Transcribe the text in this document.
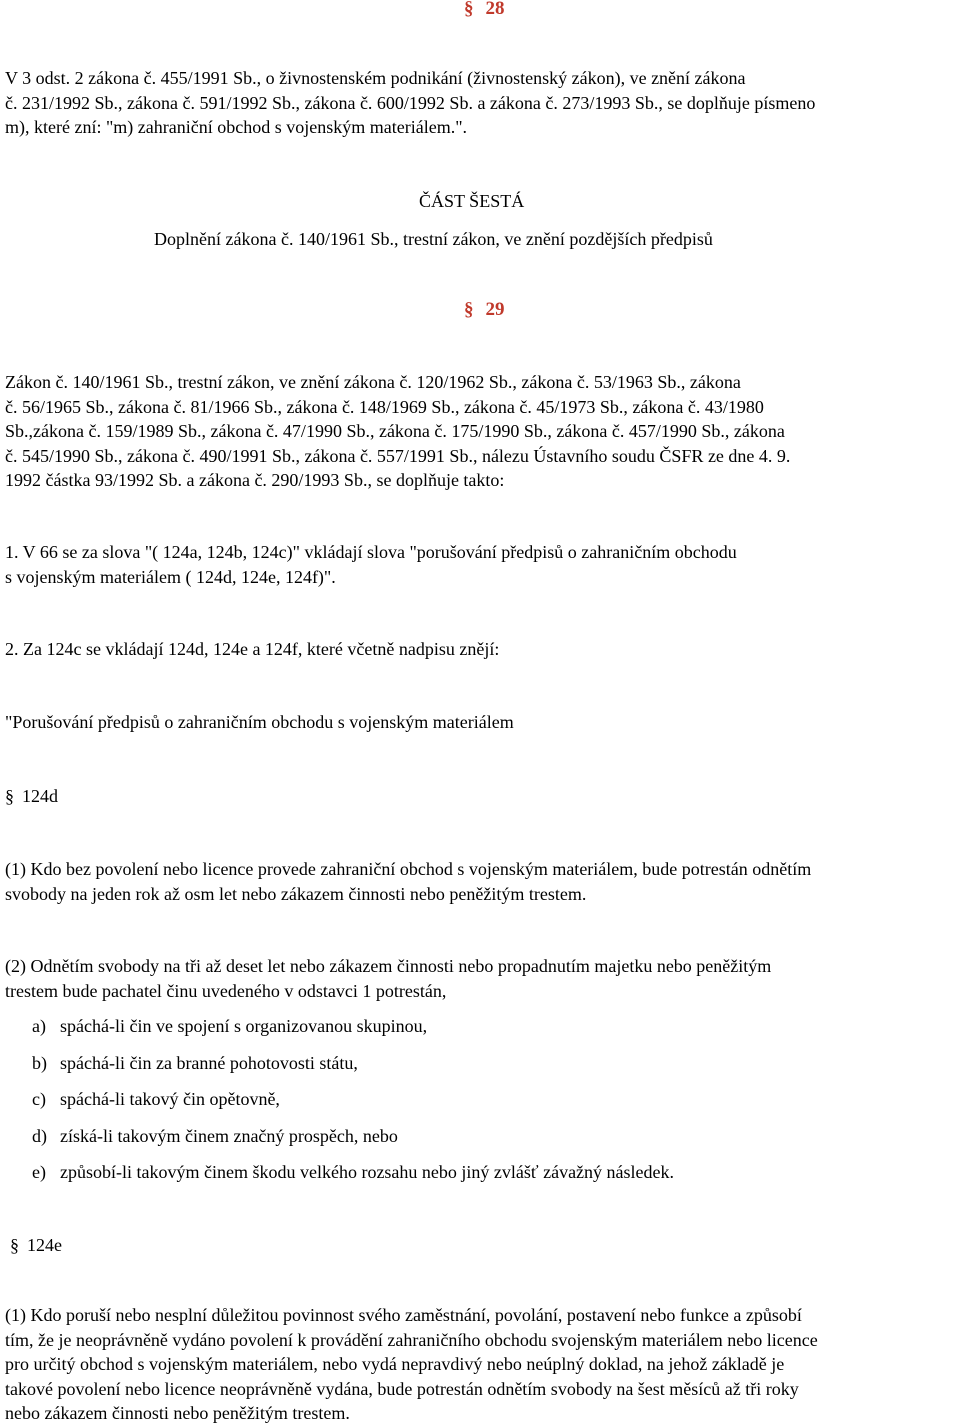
§ 28
V 3 odst. 2 zákona č. 455/1991 Sb., o živnostenském podnikání (živnostenský zákon), ve znění zákona
č. 231/1992 Sb., zákona č. 591/1992 Sb., zákona č. 600/1992 Sb. a zákona č. 273/1993 Sb., se doplňuje písmeno
m), které zní: "m) zahraniční obchod s vojenským materiálem.".
ČÁST ŠESTÁ
Doplnění zákona č. 140/1961 Sb., trestní zákon, ve znění pozdějších předpisů
§ 29
Zákon č. 140/1961 Sb., trestní zákon, ve znění zákona č. 120/1962 Sb., zákona č. 53/1963 Sb., zákona
č. 56/1965 Sb., zákona č. 81/1966 Sb., zákona č. 148/1969 Sb., zákona č. 45/1973 Sb., zákona č. 43/1980
Sb.,zákona č. 159/1989 Sb., zákona č. 47/1990 Sb., zákona č. 175/1990 Sb., zákona č. 457/1990 Sb., zákona
č. 545/1990 Sb., zákona č. 490/1991 Sb., zákona č. 557/1991 Sb., nálezu Ústavního soudu ČSFR ze dne 4. 9.
1992 částka 93/1992 Sb. a zákona č. 290/1993 Sb., se doplňuje takto:
1. V 66 se za slova "( 124a, 124b, 124c)" vkládají slova "porušování předpisů o zahraničním obchodu
s vojenským materiálem ( 124d, 124e, 124f)".
2. Za 124c se vkládají 124d, 124e a 124f, které včetně nadpisu znějí:
"Porušování předpisů o zahraničním obchodu s vojenským materiálem
§ 124d
(1) Kdo bez povolení nebo licence provede zahraniční obchod s vojenským materiálem, bude potrestán odnětím
svobody na jeden rok až osm let nebo zákazem činnosti nebo peněžitým trestem.
(2) Odnětím svobody na tři až deset let nebo zákazem činnosti nebo propadnutím majetku nebo peněžitým
trestem bude pachatel činu uvedeného v odstavci 1 potrestán,
a) spáchá-li čin ve spojení s organizovanou skupinou,
b) spáchá-li čin za branné pohotovosti státu,
c) spáchá-li takový čin opětovně,
d) získá-li takovým činem značný prospěch, nebo
e) způsobí-li takovým činem škodu velkého rozsahu nebo jiný zvlášť závažný následek.
§ 124e
(1) Kdo poruší nebo nesplní důležitou povinnost svého zaměstnání, povolání, postavení nebo funkce a způsobí
tím, že je neoprávněně vydáno povolení k provádění zahraničního obchodu svojenským materiálem nebo licence
pro určitý obchod s vojenským materiálem, nebo vydá nepravdivý nebo neúplný doklad, na jehož základě je
takové povolení nebo licence neoprávněně vydána, bude potrestán odnětím svobody na šest měsíců až tři roky
nebo zákazem činnosti nebo peněžitým trestem.
